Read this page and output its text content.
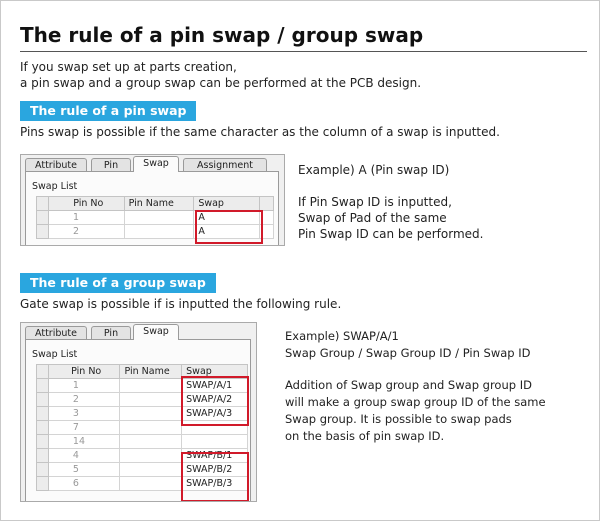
The rule of a pin swap / group swap
If you swap set up at parts creation,
a pin swap and a group swap can be performed at the PCB design.
The rule of a pin swap
Pins swap is possible if the same character as the column of a swap is inputted.
Attribute	Pin	Swap	Assignment
Swap List
	Pin No	Pin Name	Swap	
	1		A	
	2		A	
Example) A (Pin swap ID)
If Pin Swap ID is inputted,
Swap of Pad of the same
Pin Swap ID can be performed.
The rule of a group swap
Gate swap is possible if is inputted the following rule.
Attribute	Pin	Swap
Swap List
	Pin No	Pin Name	Swap
	1		SWAP/A/1
	2		SWAP/A/2
	3		SWAP/A/3
	7		
	14		
	4		SWAP/B/1
	5		SWAP/B/2
	6		SWAP/B/3
Example) SWAP/A/1
Swap Group / Swap Group ID / Pin Swap ID
Addition of Swap group and Swap group ID
will make a group swap group ID of the same
Swap group. It is possible to swap pads
on the basis of pin swap ID.
